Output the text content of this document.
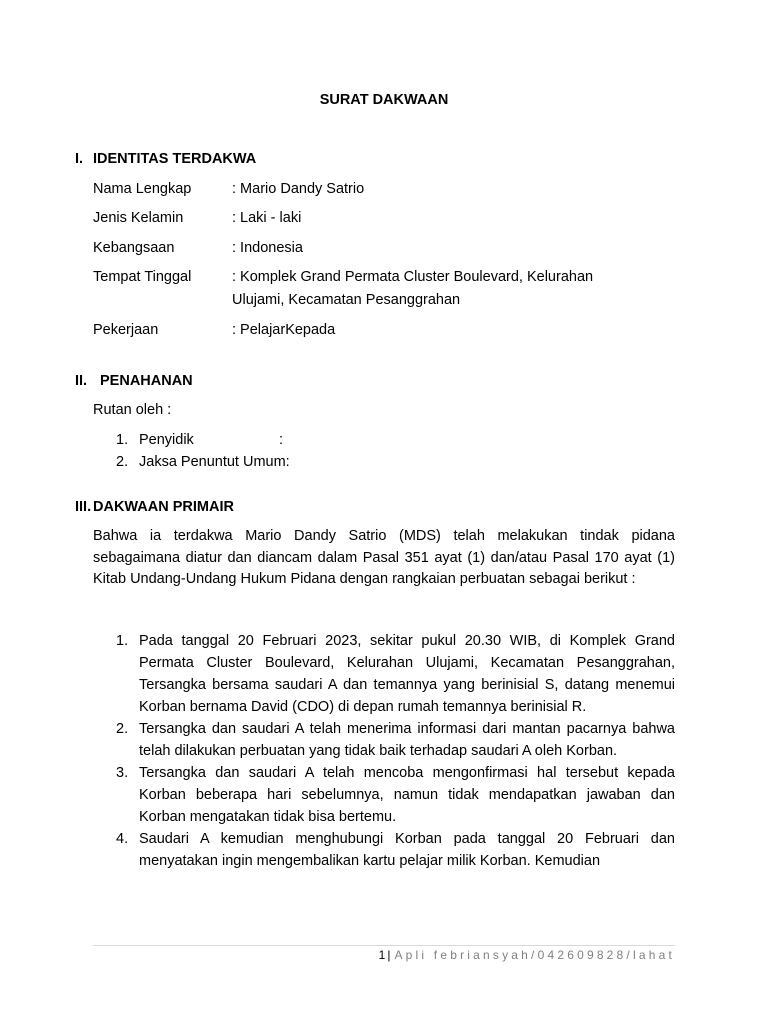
SURAT DAKWAAN
I. IDENTITAS TERDAKWA
Nama Lengkap	: Mario Dandy Satrio
Jenis Kelamin	: Laki - laki
Kebangsaan	: Indonesia
Tempat Tinggal	: Komplek Grand Permata Cluster Boulevard, Kelurahan
Ulujami, Kecamatan Pesanggrahan
Pekerjaan	: PelajarKepada
II. PENAHANAN
Rutan oleh :
1. Penyidik	:
2. Jaksa Penuntut Umum:
III. DAKWAAN PRIMAIR

Bahwa ia terdakwa Mario Dandy Satrio (MDS) telah melakukan tindak pidana sebagaimana diatur dan diancam dalam Pasal 351 ayat (1) dan/atau Pasal 170 ayat (1) Kitab Undang-Undang Hukum Pidana dengan rangkaian perbuatan sebagai berikut :

1. Pada tanggal 20 Februari 2023, sekitar pukul 20.30 WIB, di Komplek Grand Permata Cluster Boulevard, Kelurahan Ulujami, Kecamatan Pesanggrahan, Tersangka bersama saudari A dan temannya yang berinisial S, datang menemui Korban bernama David (CDO) di depan rumah temannya berinisial R.
2. Tersangka dan saudari A telah menerima informasi dari mantan pacarnya bahwa telah dilakukan perbuatan yang tidak baik terhadap saudari A oleh Korban.
3. Tersangka dan saudari A telah mencoba mengonfirmasi hal tersebut kepada Korban beberapa hari sebelumnya, namun tidak mendapatkan jawaban dan Korban mengatakan tidak bisa bertemu.
4. Saudari A kemudian menghubungi Korban pada tanggal 20 Februari dan menyatakan ingin mengembalikan kartu pelajar milik Korban. Kemudian
1 | Apli febriansyah/042609828/lahat
